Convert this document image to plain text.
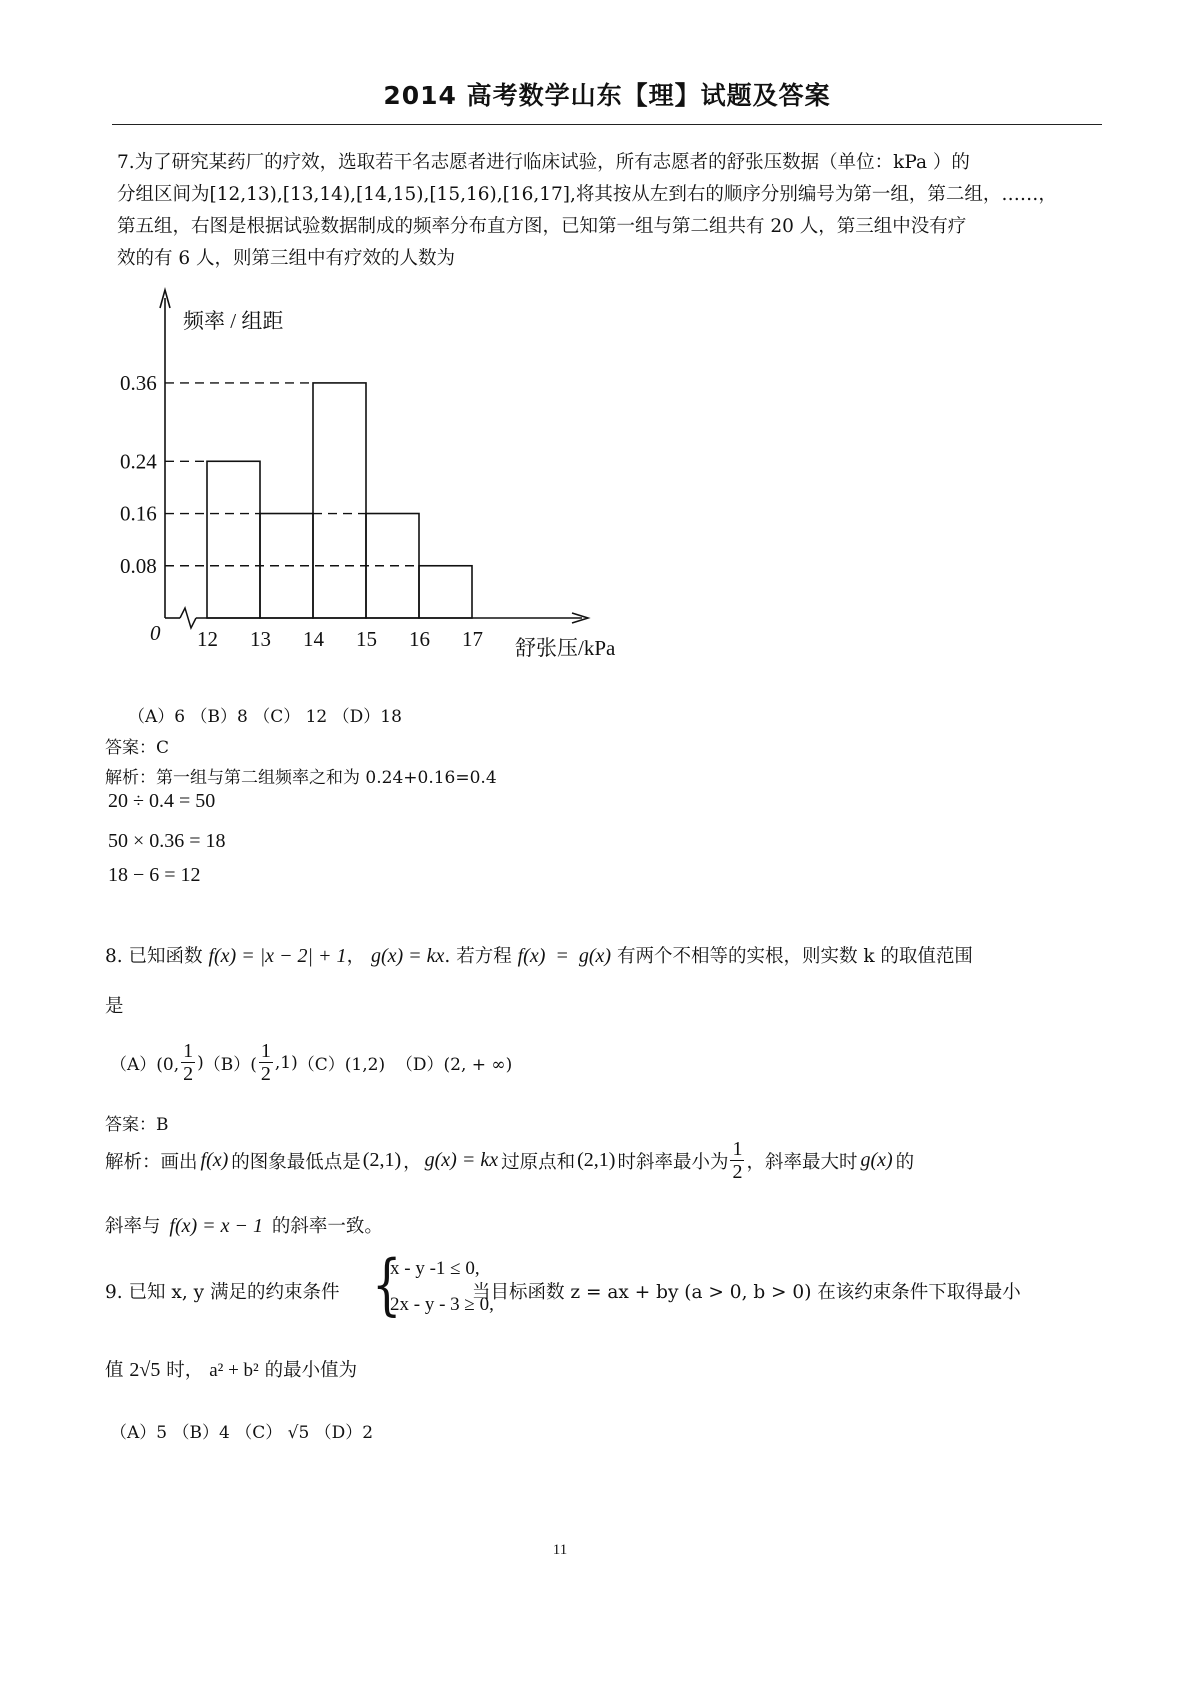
2014 高考数学山东【理】试题及答案
7.为了研究某药厂的疗效，选取若干名志愿者进行临床试验，所有志愿者的舒张压数据（单位：kPa ）的
分组区间为[12,13),[13,14),[14,15),[15,16),[16,17],将其按从左到右的顺序分别编号为第一组，第二组，……，
第五组，右图是根据试验数据制成的频率分布直方图，已知第一组与第二组共有 20 人，第三组中没有疗
效的有 6 人，则第三组中有疗效的人数为
0.36
0.24
0.16
0.08
12 13 14 15 16 17
0
频率 / 组距
舒张压/kPa
（A）6 （B）8 （C） 12 （D）18
答案：C
解析：第一组与第二组频率之和为 0.24+0.16=0.4
20 ÷ 0.4 = 50
50 × 0.36 = 18
18 − 6 = 12
8. 已知函数 f(x) = |x − 2| + 1， g(x) = kx. 若方程 f(x)  =  g(x) 有两个不相等的实根，则实数 k 的取值范围
是
（A）(0, $\frac{1}{2}$ ) $(B)( \frac{1}{2} ,1)$ （C）(1,2)  （D）(2, + ∞)
答案：B
解析：画出 f(x) 的图象最低点是 (2,1) ， g(x) = kx 过原点和 (2,1) 时斜率最小为 $\frac{1}{2}$ ，斜率最大时 g(x) 的
斜率与 f(x) = x − 1 的斜率一致。
9. 已知 x, y 满足的约束条件 {
x - y -1 ≤ 0,
2x - y - 3 ≥ 0,
当目标函数 z = ax + by (a > 0, b > 0) 在该约束条件下取得最小
值 2√5 时， a² + b² 的最小值为
（A）5 （B）4 （C） √5 （D）2
11
